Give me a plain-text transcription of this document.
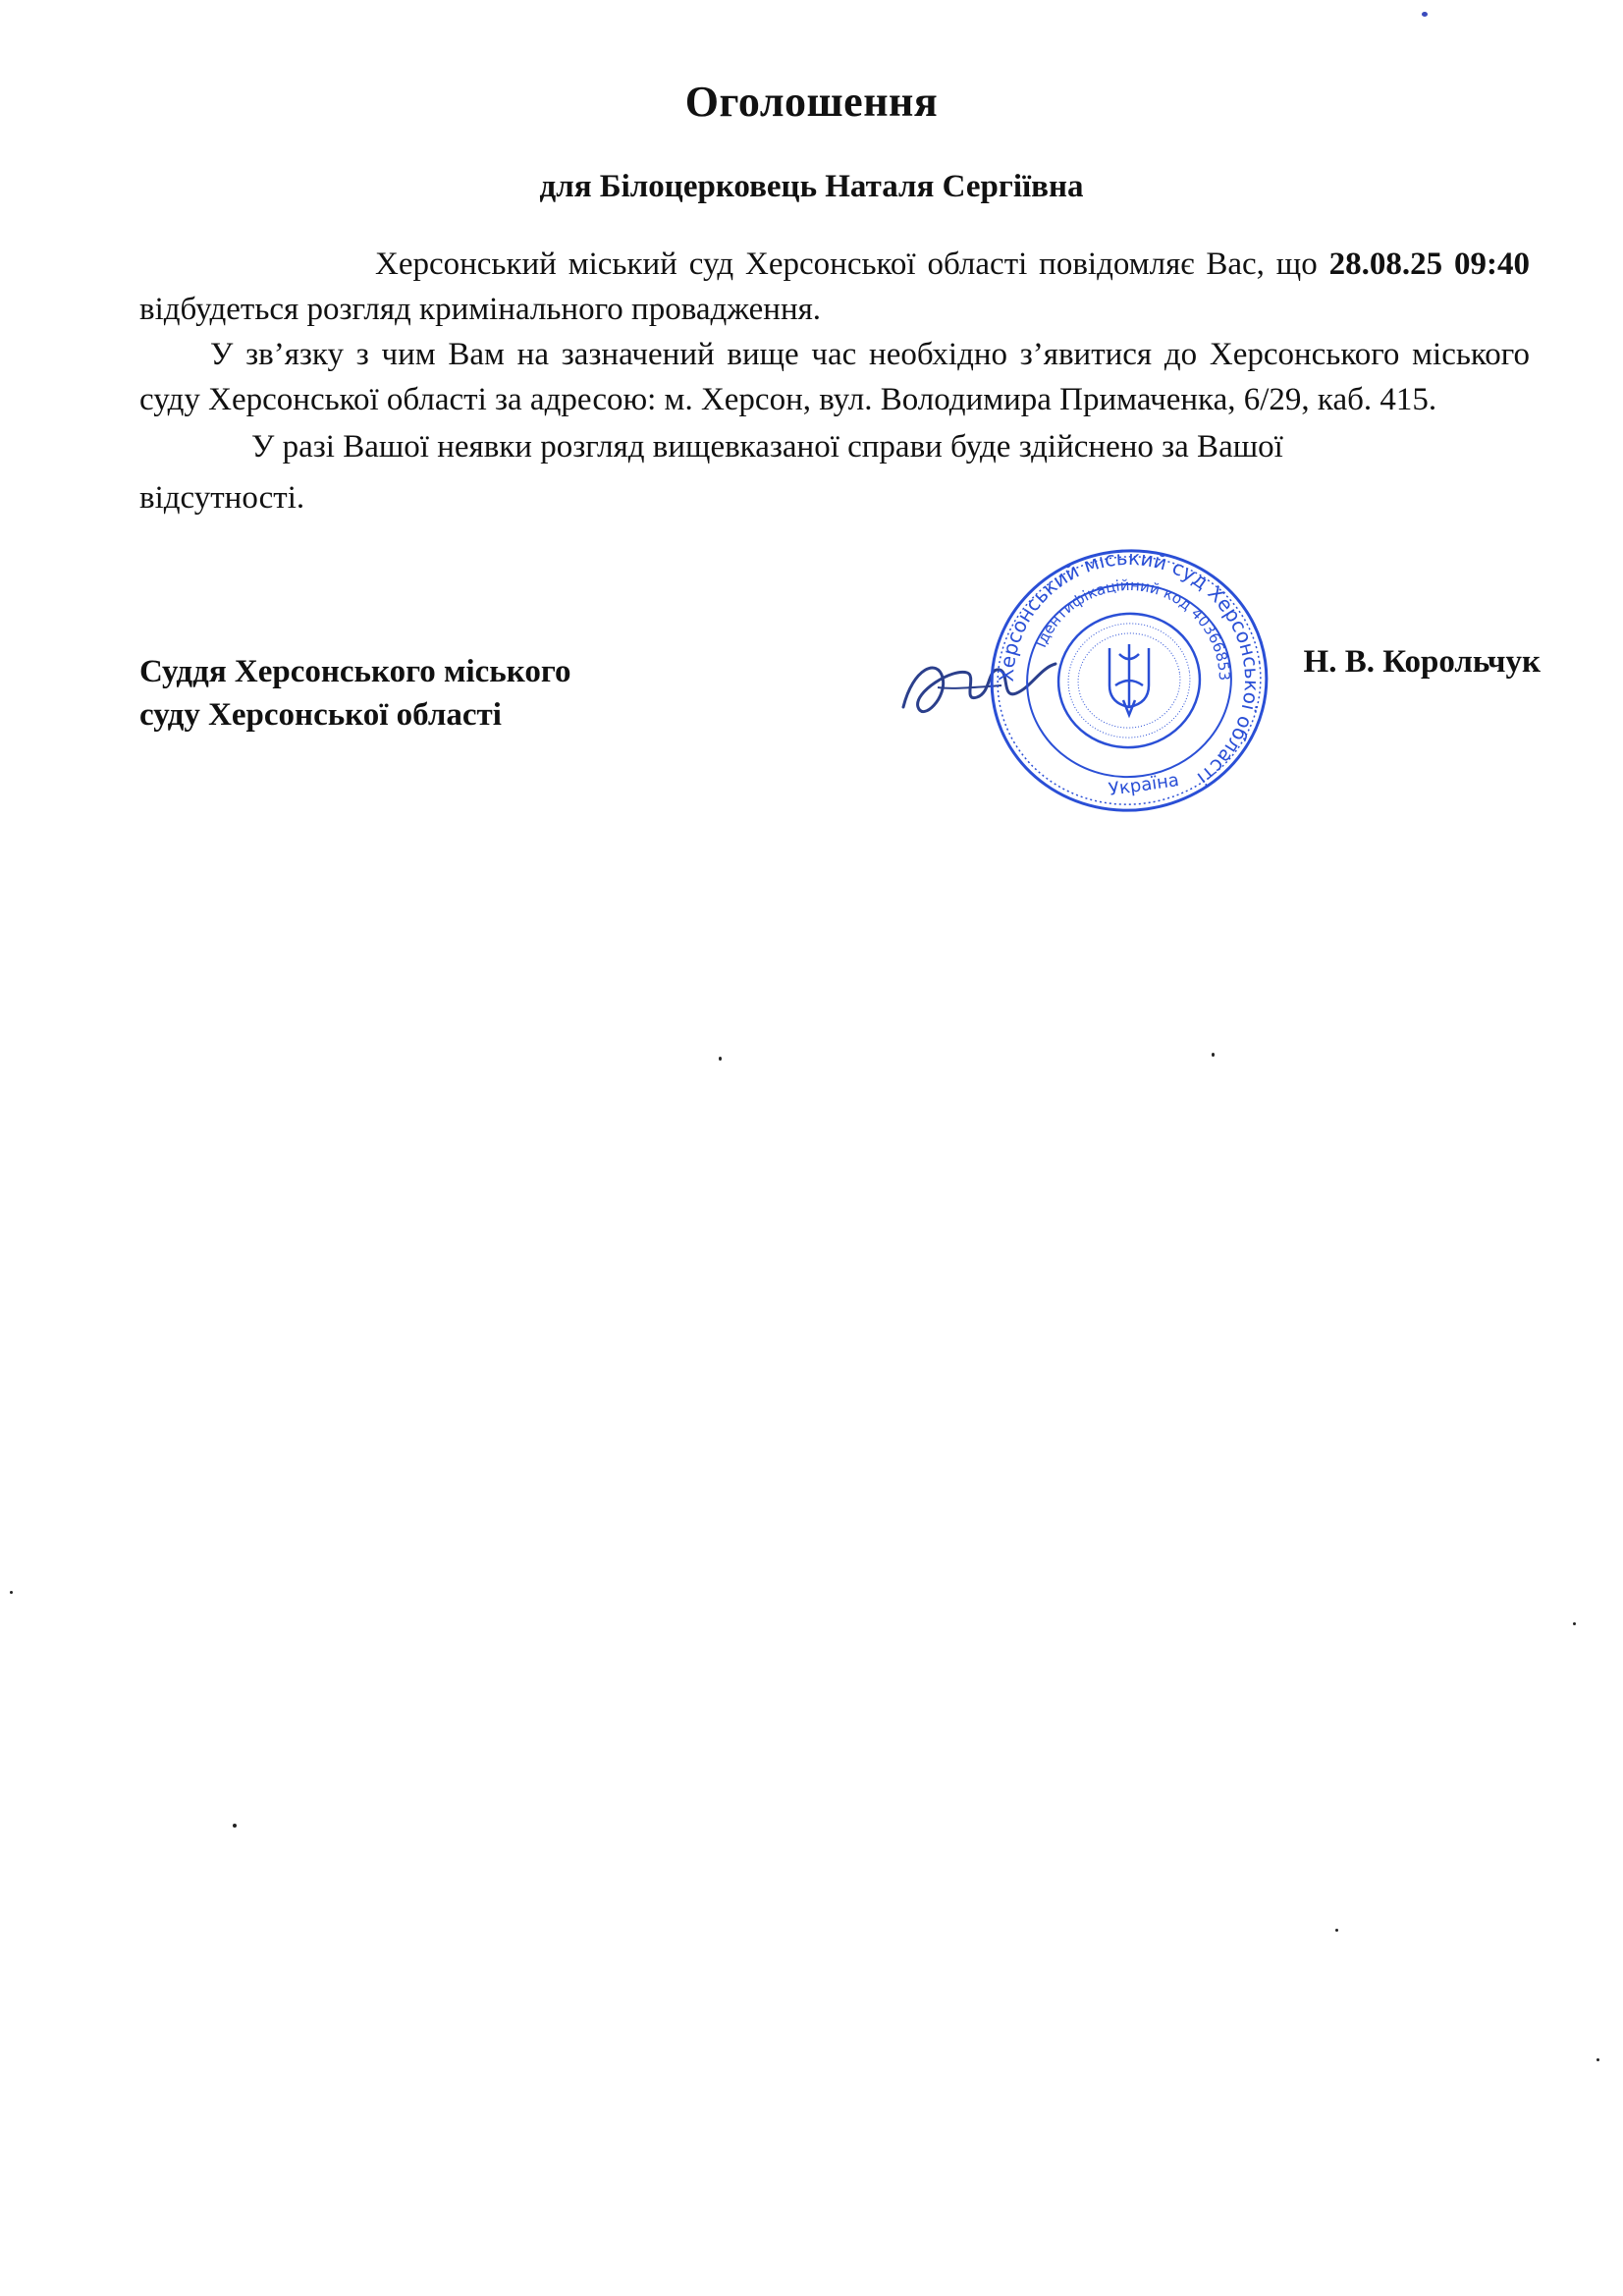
Оголошення
для Білоцерковець Наталя Сергіївна

Херсонський міський суд Херсонської області повідомляє Вас, що 28.08.25 09:40 відбудеться розгляд кримінального провадження.

У зв’язку з чим Вам на зазначений вище час необхідно з’явитися до Херсонського міського суду Херсонської області за адресою: м. Херсон, вул. Володимира Примаченка, 6/29, каб. 415.

У разі Вашої неявки розгляд вищевказаної справи буде здійснено за Вашої
відсутності.

Суддя Херсонського міського
суду Херсонської області
Херсонський міський суд Херсонської області
Ідентифікаційний код 40366853
Україна
Н. В. Корольчук
